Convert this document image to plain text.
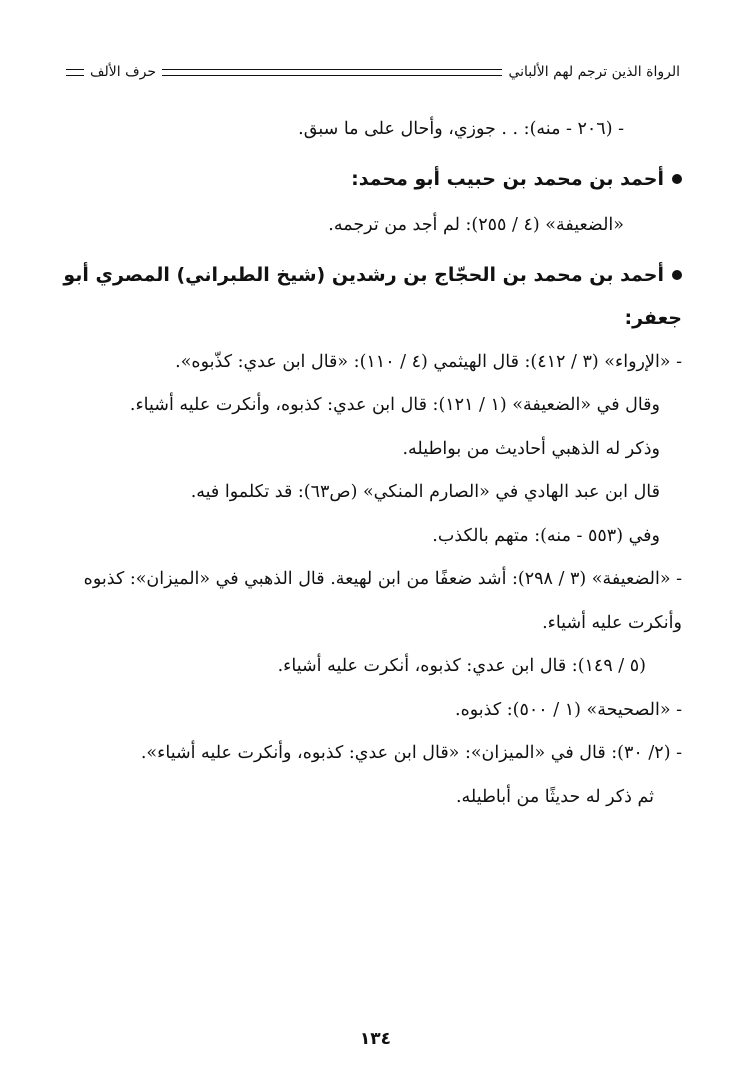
الرواة الذين ترجم لهم الألباني
حرف الألف

- (٢٠٦ - منه): . . جوزي، وأحال على ما سبق.

أحمد بن محمد بن حبيب أبو محمد:

«الضعيفة» (٤ / ٢٥٥): لم أجد من ترجمه.

أحمد بن محمد بن الحجّاج بن رشدين (شيخ الطبراني) المصري أبو جعفر:

- «الإرواء» (٣ / ٤١٢): قال الهيثمي (٤ / ١١٠): «قال ابن عدي: كذّبوه».

وقال في «الضعيفة» (١ / ١٢١): قال ابن عدي: كذبوه، وأنكرت عليه أشياء.

وذكر له الذهبي أحاديث من بواطيله.

قال ابن عبد الهادي في «الصارم المنكي» (ص٦٣): قد تكلموا فيه.

وفي (٥٥٣ - منه): متهم بالكذب.

- «الضعيفة» (٣ / ٢٩٨): أشد ضعفًا من ابن لهيعة. قال الذهبي في «الميزان»: كذبوه وأنكرت عليه أشياء.

(٥ / ١٤٩): قال ابن عدي: كذبوه، أنكرت عليه أشياء.

- «الصحيحة» (١ / ٥٠٠): كذبوه.

- (٢/ ٣٠): قال في «الميزان»: «قال ابن عدي: كذبوه، وأنكرت عليه أشياء».

ثم ذكر له حديثًا من أباطيله.

١٣٤
